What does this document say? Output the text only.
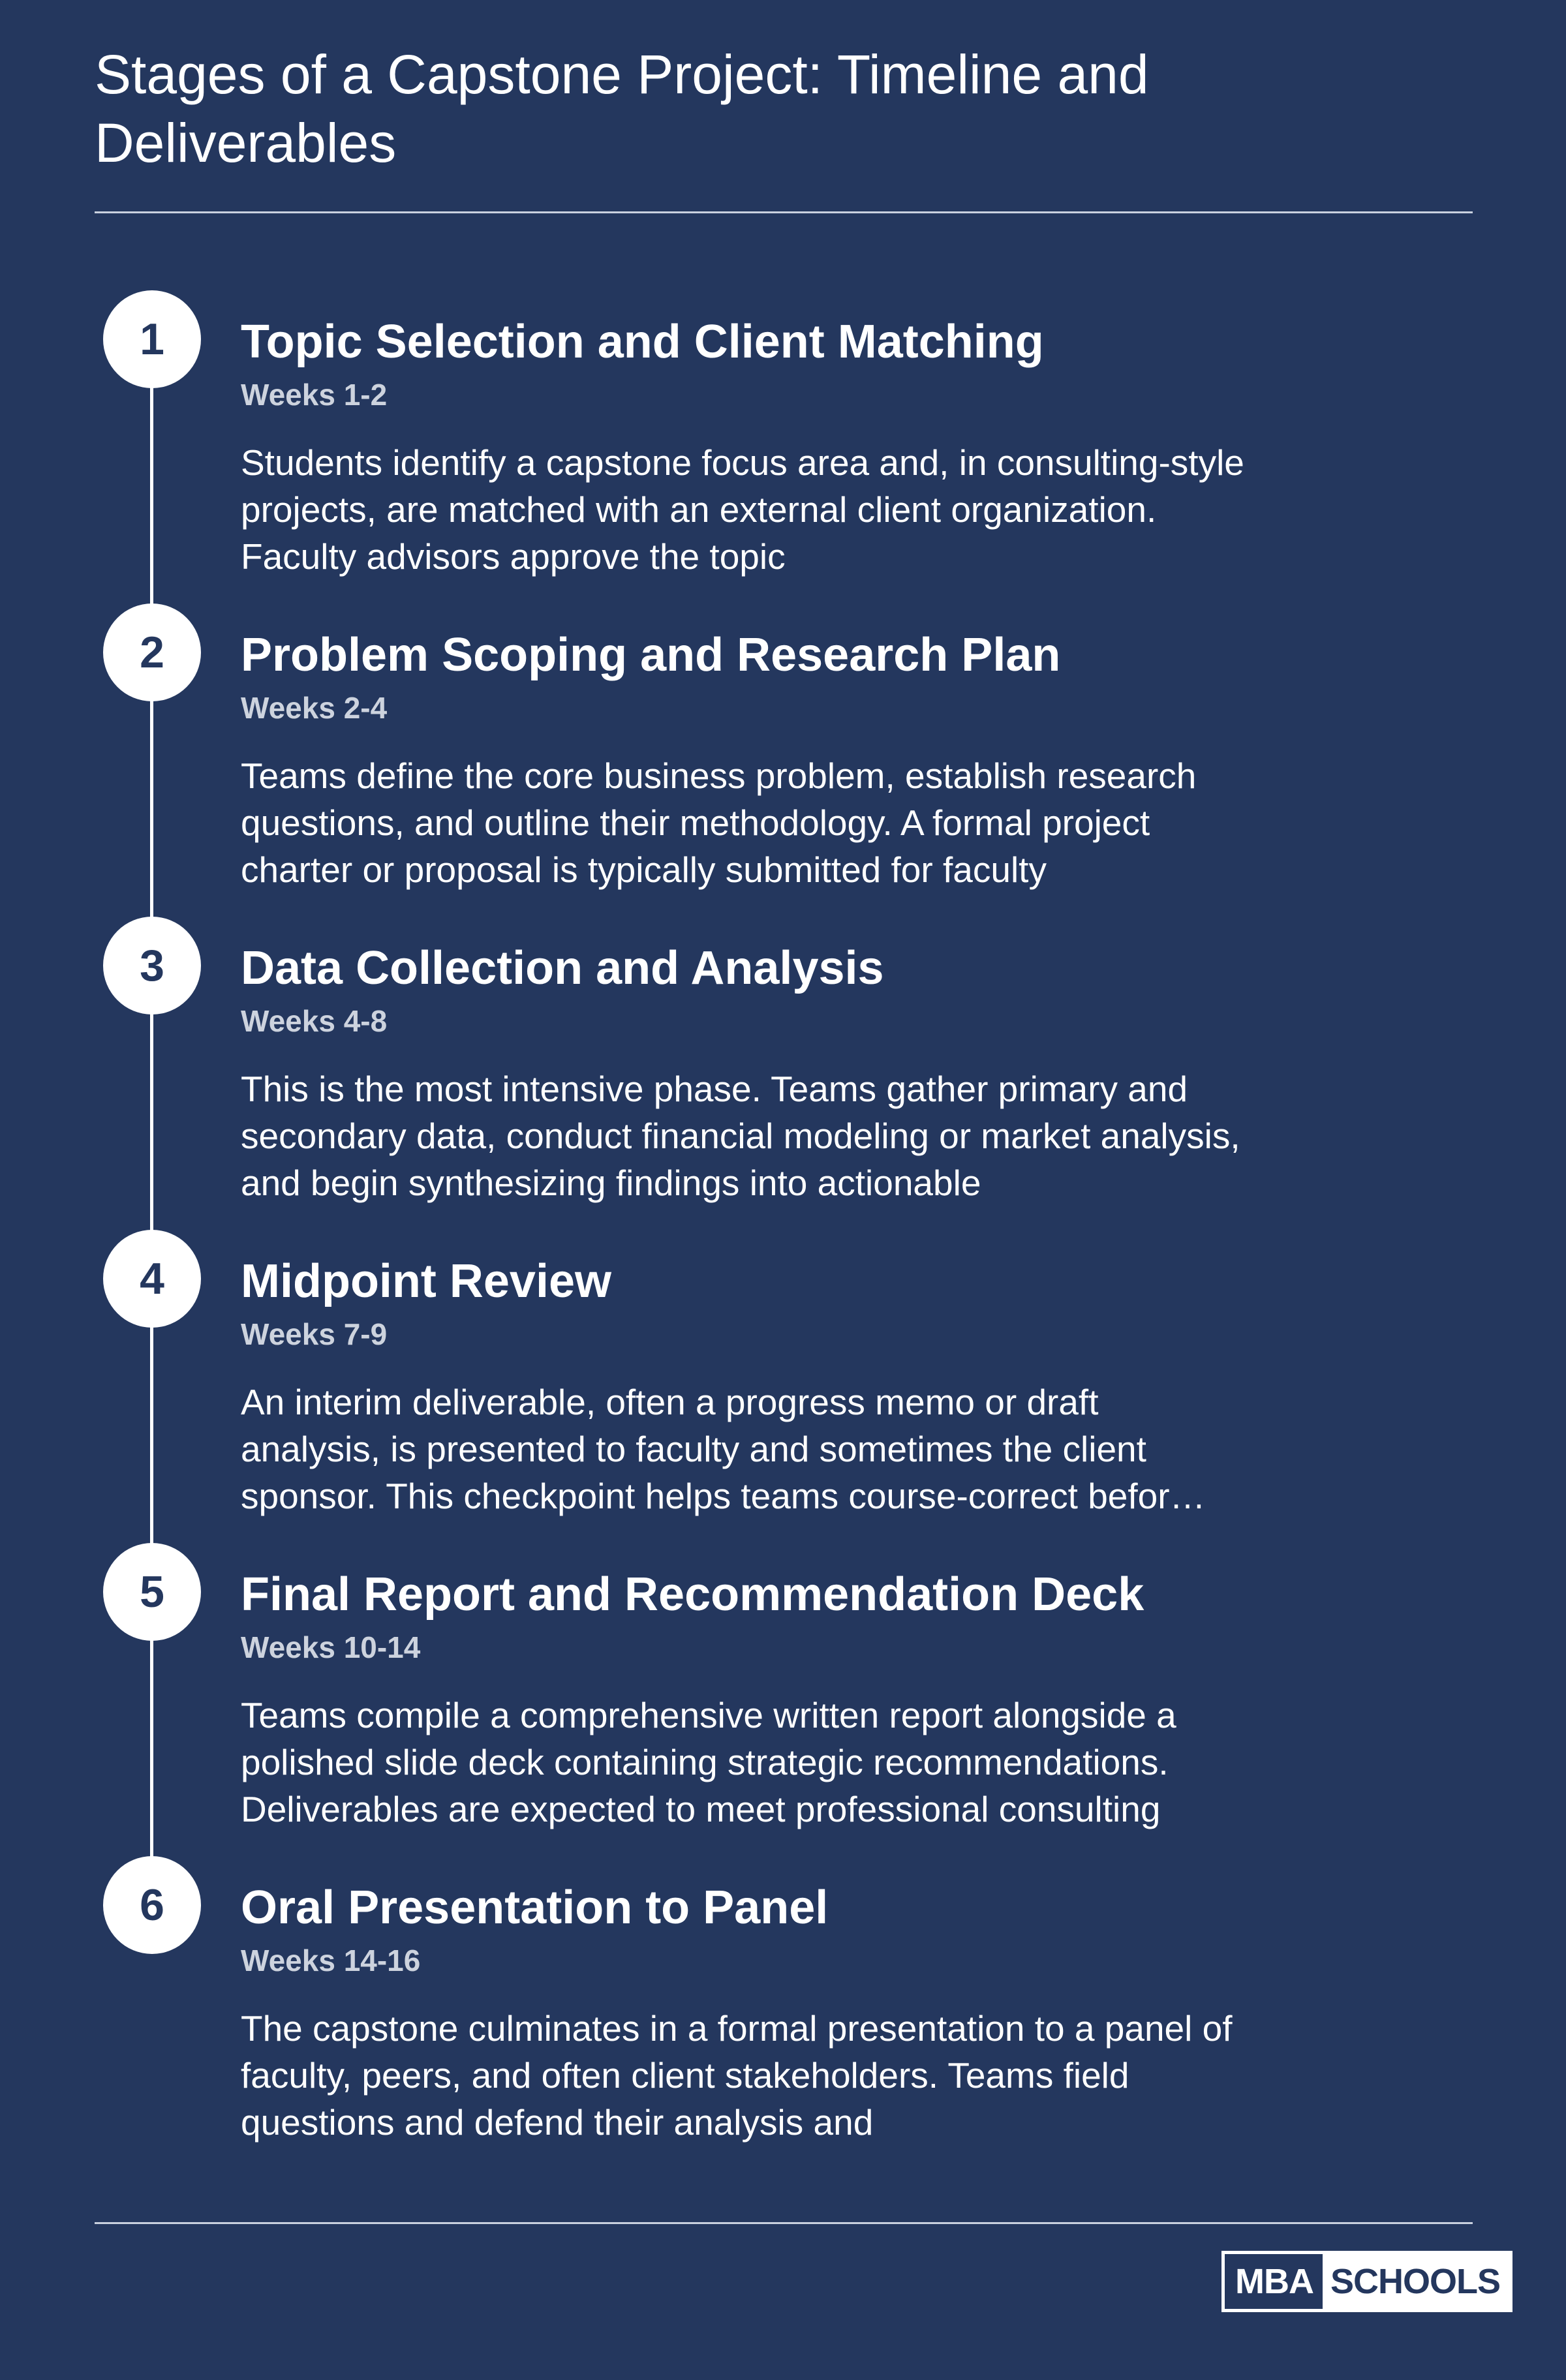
Stages of a Capstone Project: Timeline and Deliverables
1	Topic Selection and Client Matching
Weeks 1-2
Students identify a capstone focus area and, in consulting-style projects, are matched with an external client organization. Faculty advisors approve the topic
2	Problem Scoping and Research Plan
Weeks 2-4
Teams define the core business problem, establish research questions, and outline their methodology. A formal project charter or proposal is typically submitted for faculty
3	Data Collection and Analysis
Weeks 4-8
This is the most intensive phase. Teams gather primary and secondary data, conduct financial modeling or market analysis, and begin synthesizing findings into actionable
4	Midpoint Review
Weeks 7-9
An interim deliverable, often a progress memo or draft analysis, is presented to faculty and sometimes the client sponsor. This checkpoint helps teams course-correct befor…
5	Final Report and Recommendation Deck
Weeks 10-14
Teams compile a comprehensive written report alongside a polished slide deck containing strategic recommendations. Deliverables are expected to meet professional consulting
6	Oral Presentation to Panel
Weeks 14-16
The capstone culminates in a formal presentation to a panel of faculty, peers, and often client stakeholders. Teams field questions and defend their analysis and
MBA SCHOOLS
